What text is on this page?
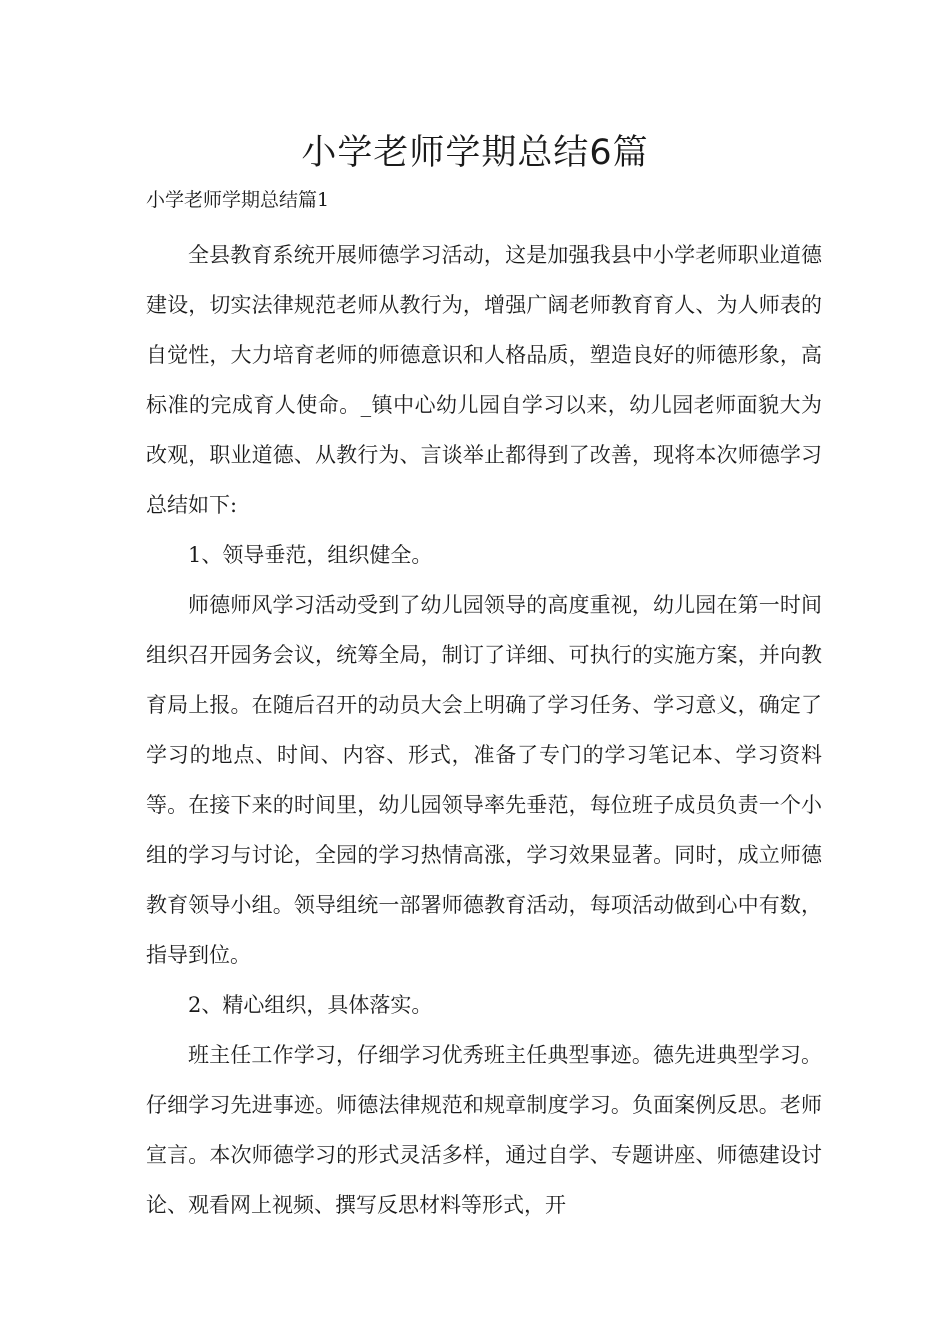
小学老师学期总结6篇

小学老师学期总结篇1

全县教育系统开展师德学习活动，这是加强我县中小学老师职业道德建设，切实法律规范老师从教行为，增强广阔老师教育育人、为人师表的自觉性，大力培育老师的师德意识和人格品质，塑造良好的师德形象，高标准的完成育人使命。_镇中心幼儿园自学习以来，幼儿园老师面貌大为改观，职业道德、从教行为、言谈举止都得到了改善，现将本次师德学习总结如下:

1、领导垂范，组织健全。

师德师风学习活动受到了幼儿园领导的高度重视，幼儿园在第一时间组织召开园务会议，统筹全局，制订了详细、可执行的实施方案，并向教育局上报。在随后召开的动员大会上明确了学习任务、学习意义，确定了学习的地点、时间、内容、形式，准备了专门的学习笔记本、学习资料等。在接下来的时间里，幼儿园领导率先垂范，每位班子成员负责一个小组的学习与讨论，全园的学习热情高涨，学习效果显著。同时，成立师德教育领导小组。领导组统一部署师德教育活动，每项活动做到心中有数，指导到位。

2、精心组织，具体落实。

班主任工作学习，仔细学习优秀班主任典型事迹。德先进典型学习。仔细学习先进事迹。师德法律规范和规章制度学习。负面案例反思。老师宣言。本次师德学习的形式灵活多样，通过自学、专题讲座、师德建设讨论、观看网上视频、撰写反思材料等形式，开
